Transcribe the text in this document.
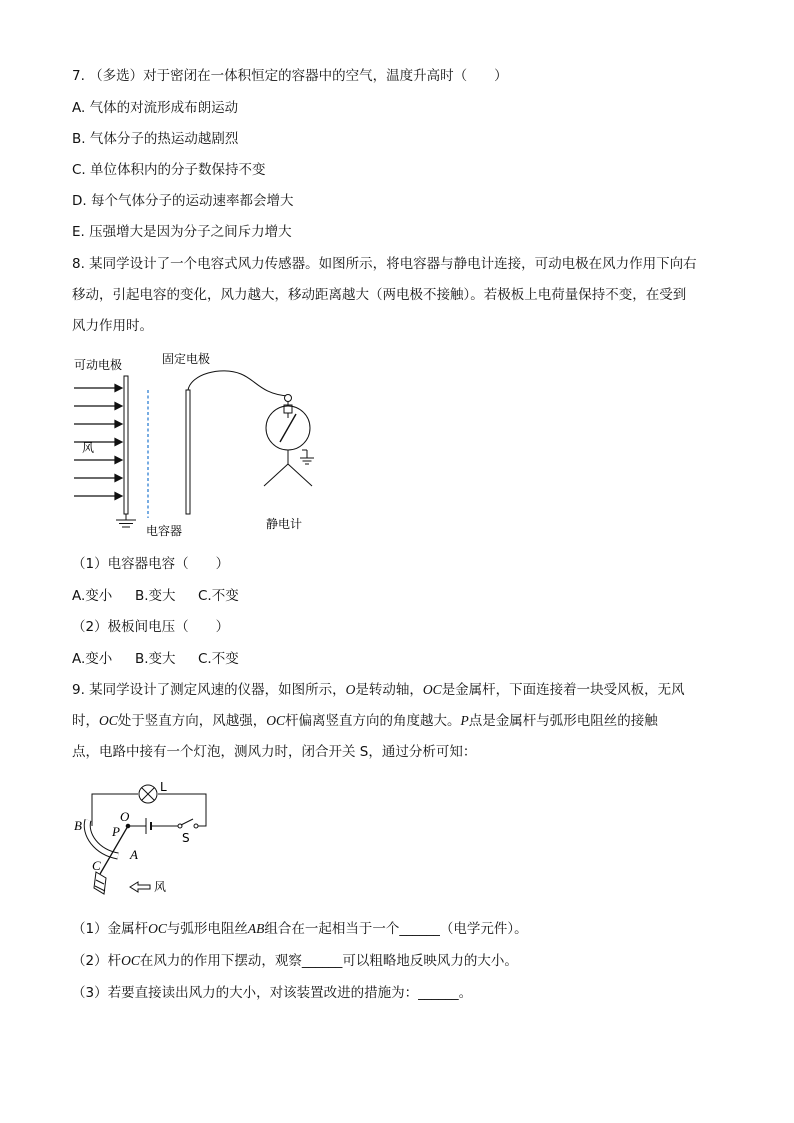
7. （多选）对于密闭在一体积恒定的容器中的空气，温度升高时（　　）
A. 气体的对流形成布朗运动
B. 气体分子的热运动越剧烈
C. 单位体积内的分子数保持不变
D. 每个气体分子的运动速率都会增大
E. 压强增大是因为分子之间斥力增大
8. 某同学设计了一个电容式风力传感器。如图所示，将电容器与静电计连接，可动电极在风力作用下向右
移动，引起电容的变化，风力越大，移动距离越大（两电极不接触）。若极板上电荷量保持不变，在受到
风力作用时。
可动电极	固定电极
风
电容器	静电计
（1）电容器电容（　　）
A.变小 B.变大 C.不变
（2）极板间电压（　　）
A.变小 B.变大 C.不变
9. 某同学设计了测定风速的仪器，如图所示，O是转动轴，OC是金属杆，下面连接着一块受风板，无风
时，OC处于竖直方向，风越强，OC杆偏离竖直方向的角度越大。P点是金属杆与弧形电阻丝的接触
点，电路中接有一个灯泡，测风力时，闭合开关 S，通过分析可知：
L
B
O
P
A
C
S
风
（1）金属杆OC与弧形电阻丝AB组合在一起相当于一个______（电学元件）。
（2）杆OC在风力的作用下摆动，观察______可以粗略地反映风力的大小。
（3）若要直接读出风力的大小，对该装置改进的措施为：______。
